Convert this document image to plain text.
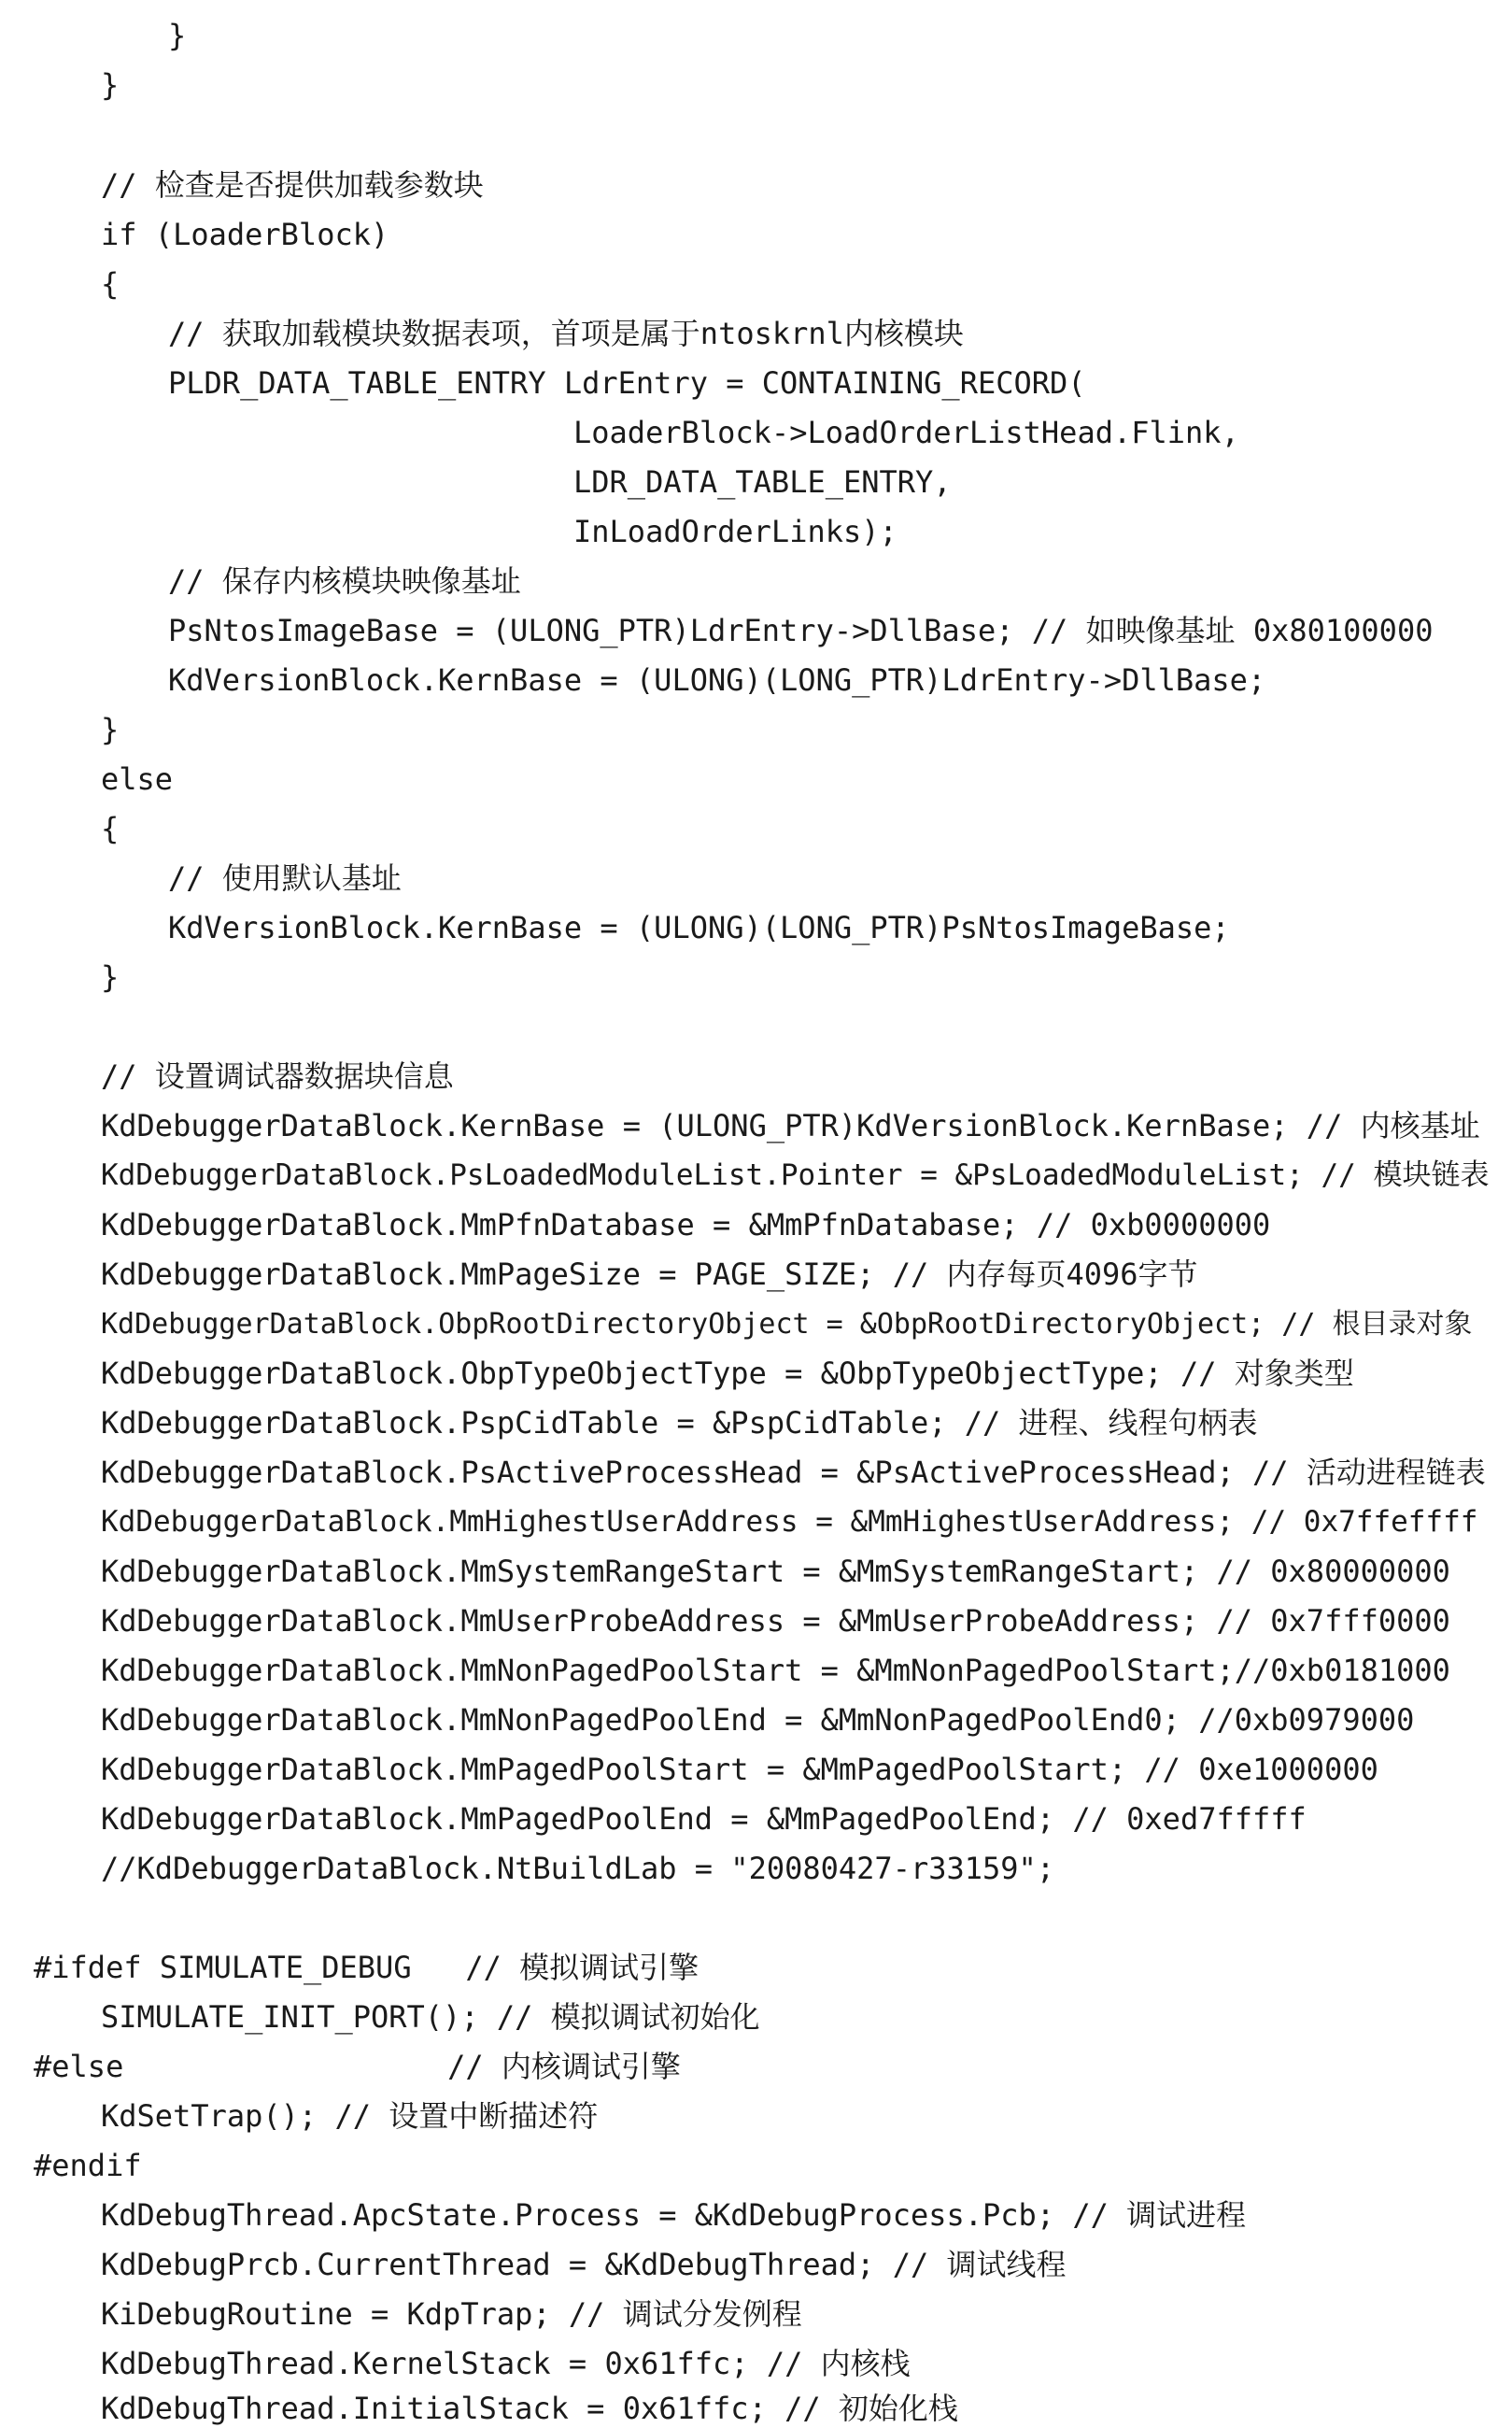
}
}
// 检查是否提供加载参数块
if (LoaderBlock)
{
// 获取加载模块数据表项，首项是属于ntoskrnl内核模块
PLDR_DATA_TABLE_ENTRY LdrEntry = CONTAINING_RECORD(
LoaderBlock->LoadOrderListHead.Flink,
LDR_DATA_TABLE_ENTRY,
InLoadOrderLinks);
// 保存内核模块映像基址
PsNtosImageBase = (ULONG_PTR)LdrEntry->DllBase; // 如映像基址 0x80100000
KdVersionBlock.KernBase = (ULONG)(LONG_PTR)LdrEntry->DllBase;
}
else
{
// 使用默认基址
KdVersionBlock.KernBase = (ULONG)(LONG_PTR)PsNtosImageBase;
}
// 设置调试器数据块信息
KdDebuggerDataBlock.KernBase = (ULONG_PTR)KdVersionBlock.KernBase; // 内核基址
KdDebuggerDataBlock.PsLoadedModuleList.Pointer = &PsLoadedModuleList; // 模块链表
KdDebuggerDataBlock.MmPfnDatabase = &MmPfnDatabase; // 0xb0000000
KdDebuggerDataBlock.MmPageSize = PAGE_SIZE; // 内存每页4096字节
KdDebuggerDataBlock.ObpRootDirectoryObject = &ObpRootDirectoryObject; // 根目录对象
KdDebuggerDataBlock.ObpTypeObjectType = &ObpTypeObjectType; // 对象类型
KdDebuggerDataBlock.PspCidTable = &PspCidTable; // 进程、线程句柄表
KdDebuggerDataBlock.PsActiveProcessHead = &PsActiveProcessHead; // 活动进程链表
KdDebuggerDataBlock.MmHighestUserAddress = &MmHighestUserAddress; // 0x7ffeffff
KdDebuggerDataBlock.MmSystemRangeStart = &MmSystemRangeStart; // 0x80000000
KdDebuggerDataBlock.MmUserProbeAddress = &MmUserProbeAddress; // 0x7fff0000
KdDebuggerDataBlock.MmNonPagedPoolStart = &MmNonPagedPoolStart;//0xb0181000
KdDebuggerDataBlock.MmNonPagedPoolEnd = &MmNonPagedPoolEnd0; //0xb0979000
KdDebuggerDataBlock.MmPagedPoolStart = &MmPagedPoolStart; // 0xe1000000
KdDebuggerDataBlock.MmPagedPoolEnd = &MmPagedPoolEnd; // 0xed7fffff
//KdDebuggerDataBlock.NtBuildLab = "20080427-r33159";
#ifdef SIMULATE_DEBUG   // 模拟调试引擎
SIMULATE_INIT_PORT(); // 模拟调试初始化
#else                  // 内核调试引擎
KdSetTrap(); // 设置中断描述符
#endif
KdDebugThread.ApcState.Process = &KdDebugProcess.Pcb; // 调试进程
KdDebugPrcb.CurrentThread = &KdDebugThread; // 调试线程
KiDebugRoutine = KdpTrap; // 调试分发例程
KdDebugThread.KernelStack = 0x61ffc; // 内核栈
KdDebugThread.InitialStack = 0x61ffc; // 初始化栈
